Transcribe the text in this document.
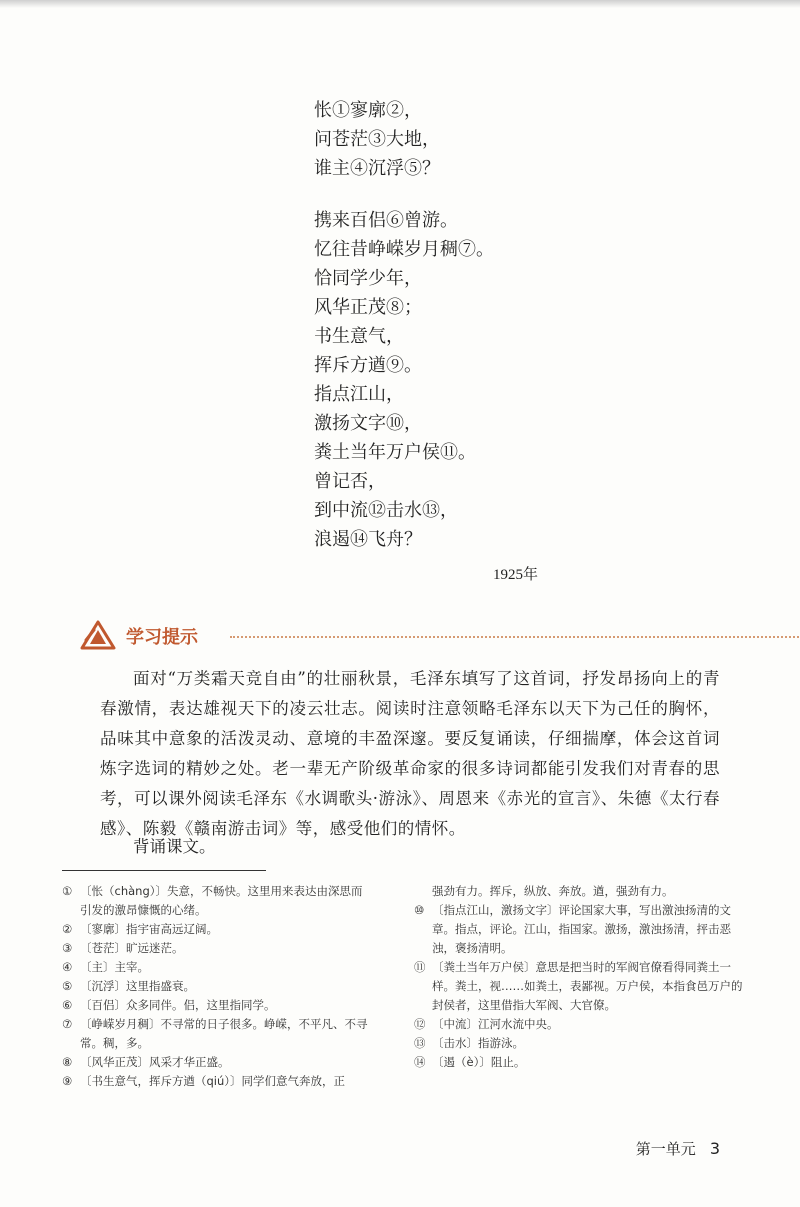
怅①寥廓②，
问苍茫③大地，
谁主④沉浮⑤？
携来百侣⑥曾游。
忆往昔峥嵘岁月稠⑦。
恰同学少年，
风华正茂⑧；
书生意气，
挥斥方遒⑨。
指点江山，
激扬文字⑩，
粪土当年万户侯⑪。
曾记否，
到中流⑫击水⑬，
浪遏⑭飞舟？
1925年
学习提示

面对“万类霜天竞自由”的壮丽秋景，毛泽东填写了这首词，抒发昂扬向上的青春激情，表达雄视天下的凌云壮志。阅读时注意领略毛泽东以天下为己任的胸怀，品味其中意象的活泼灵动、意境的丰盈深邃。要反复诵读，仔细揣摩，体会这首词炼字选词的精妙之处。老一辈无产阶级革命家的很多诗词都能引发我们对青春的思考，可以课外阅读毛泽东《水调歌头·游泳》、周恩来《赤光的宣言》、朱德《太行春感》、陈毅《赣南游击词》等，感受他们的情怀。

背诵课文。

① 〔怅（chàng）〕失意，不畅快。这里用来表达由深思而引发的激昂慷慨的心绪。
② 〔寥廓〕指宇宙高远辽阔。
③ 〔苍茫〕旷远迷茫。
④ 〔主〕主宰。
⑤ 〔沉浮〕这里指盛衰。
⑥ 〔百侣〕众多同伴。侣，这里指同学。
⑦ 〔峥嵘岁月稠〕不寻常的日子很多。峥嵘，不平凡、不寻常。稠，多。
⑧ 〔风华正茂〕风采才华正盛。
⑨ 〔书生意气，挥斥方遒（qiú）〕同学们意气奔放，正
强劲有力。挥斥，纵放、奔放。遒，强劲有力。
⑩ 〔指点江山，激扬文字〕评论国家大事，写出激浊扬清的文章。指点，评论。江山，指国家。激扬，激浊扬清，抨击恶浊，褒扬清明。
⑪ 〔粪土当年万户侯〕意思是把当时的军阀官僚看得同粪土一样。粪土，视……如粪土，表鄙视。万户侯，本指食邑万户的封侯者，这里借指大军阀、大官僚。
⑫ 〔中流〕江河水流中央。
⑬ 〔击水〕指游泳。
⑭ 〔遏（è）〕阻止。
第一单元 3
